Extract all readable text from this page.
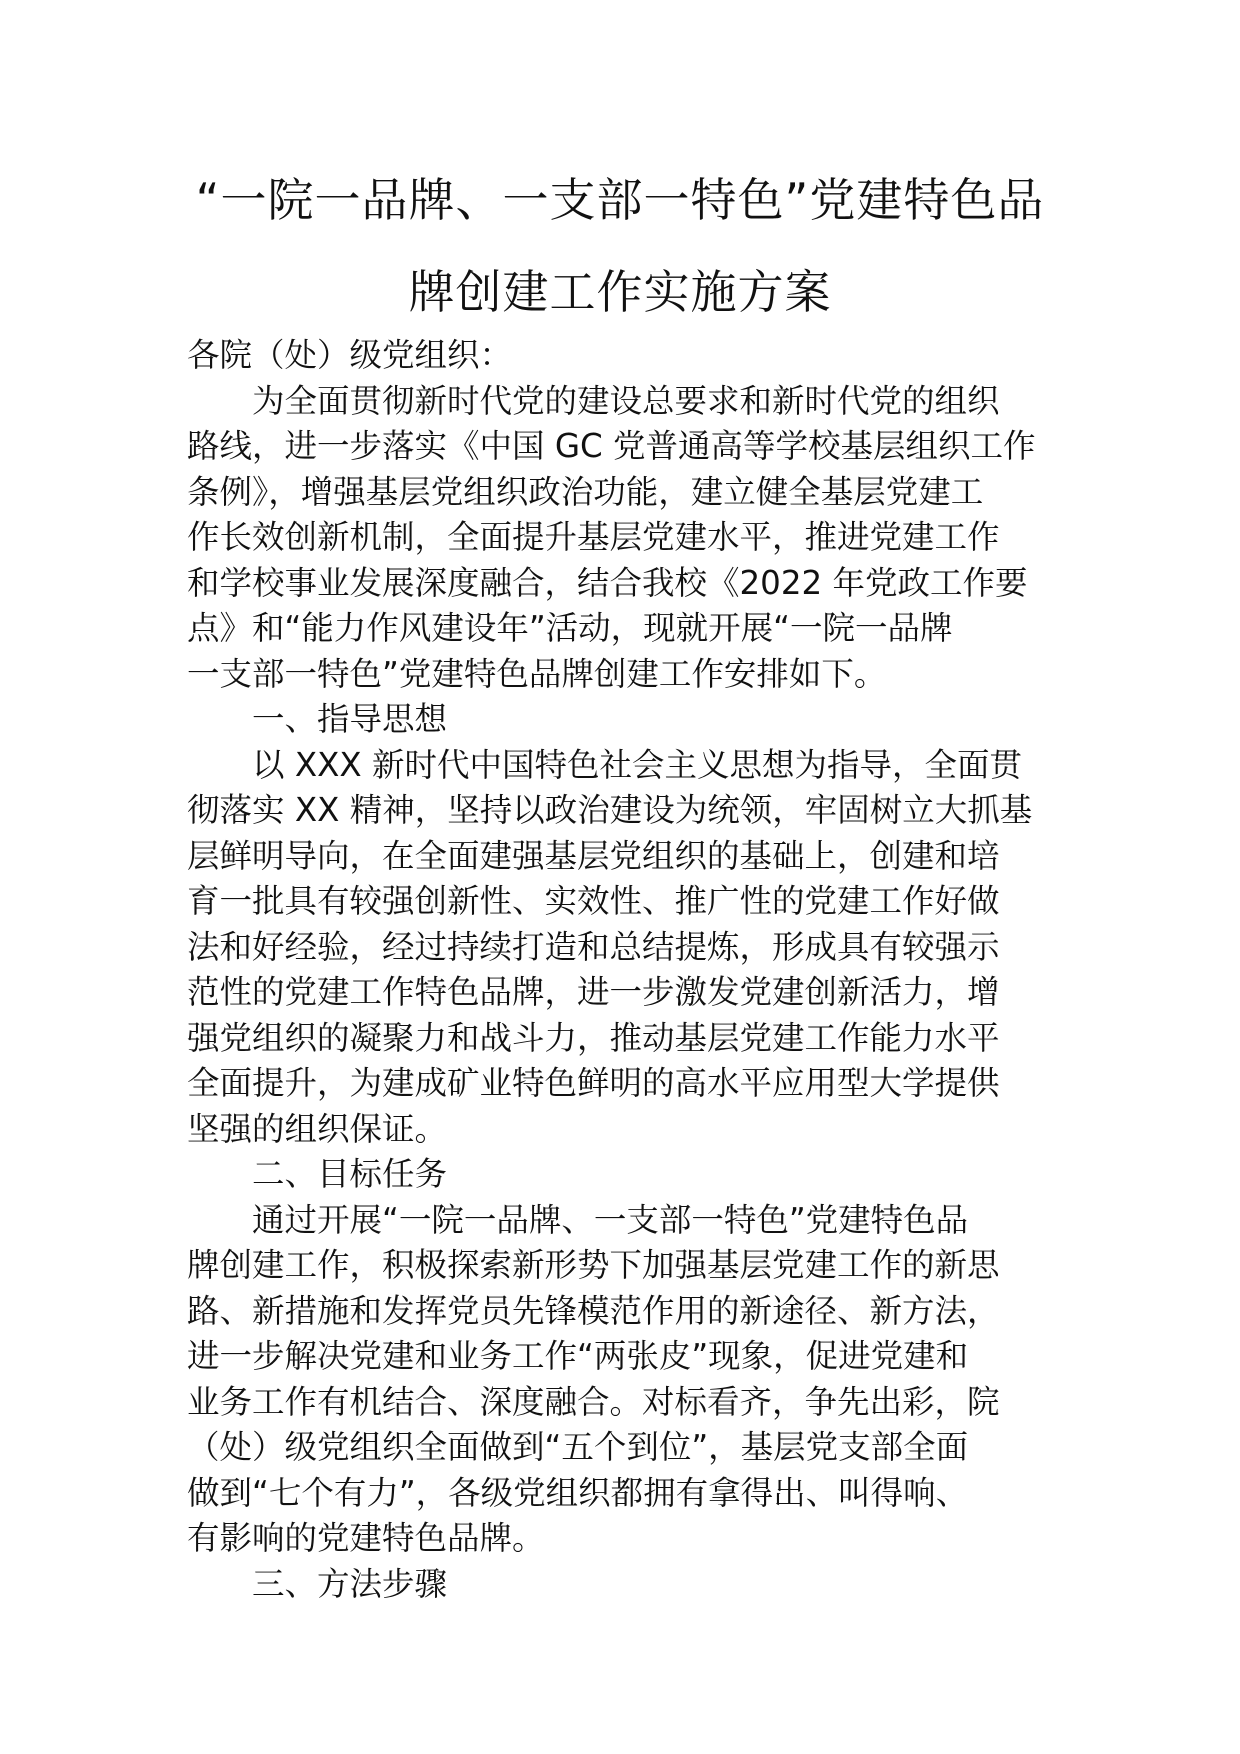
“一院一品牌、一支部一特色”党建特色品
牌创建工作实施方案
各院（处）级党组织：
为全面贯彻新时代党的建设总要求和新时代党的组织
路线，进一步落实《中国 GC 党普通高等学校基层组织工作
条例》，增强基层党组织政治功能，建立健全基层党建工
作长效创新机制，全面提升基层党建水平，推进党建工作
和学校事业发展深度融合，结合我校《2022 年党政工作要
点》和“能力作风建设年”活动，现就开展“一院一品牌
一支部一特色”党建特色品牌创建工作安排如下。
一、指导思想
以 XXX 新时代中国特色社会主义思想为指导，全面贯
彻落实 XX 精神，坚持以政治建设为统领，牢固树立大抓基
层鲜明导向，在全面建强基层党组织的基础上，创建和培
育一批具有较强创新性、实效性、推广性的党建工作好做
法和好经验，经过持续打造和总结提炼，形成具有较强示
范性的党建工作特色品牌，进一步激发党建创新活力，增
强党组织的凝聚力和战斗力，推动基层党建工作能力水平
全面提升，为建成矿业特色鲜明的高水平应用型大学提供
坚强的组织保证。
二、目标任务
通过开展“一院一品牌、一支部一特色”党建特色品
牌创建工作，积极探索新形势下加强基层党建工作的新思
路、新措施和发挥党员先锋模范作用的新途径、新方法，
进一步解决党建和业务工作“两张皮”现象，促进党建和
业务工作有机结合、深度融合。对标看齐，争先出彩，院
（处）级党组织全面做到“五个到位”，基层党支部全面
做到“七个有力”，各级党组织都拥有拿得出、叫得响、
有影响的党建特色品牌。
三、方法步骤
